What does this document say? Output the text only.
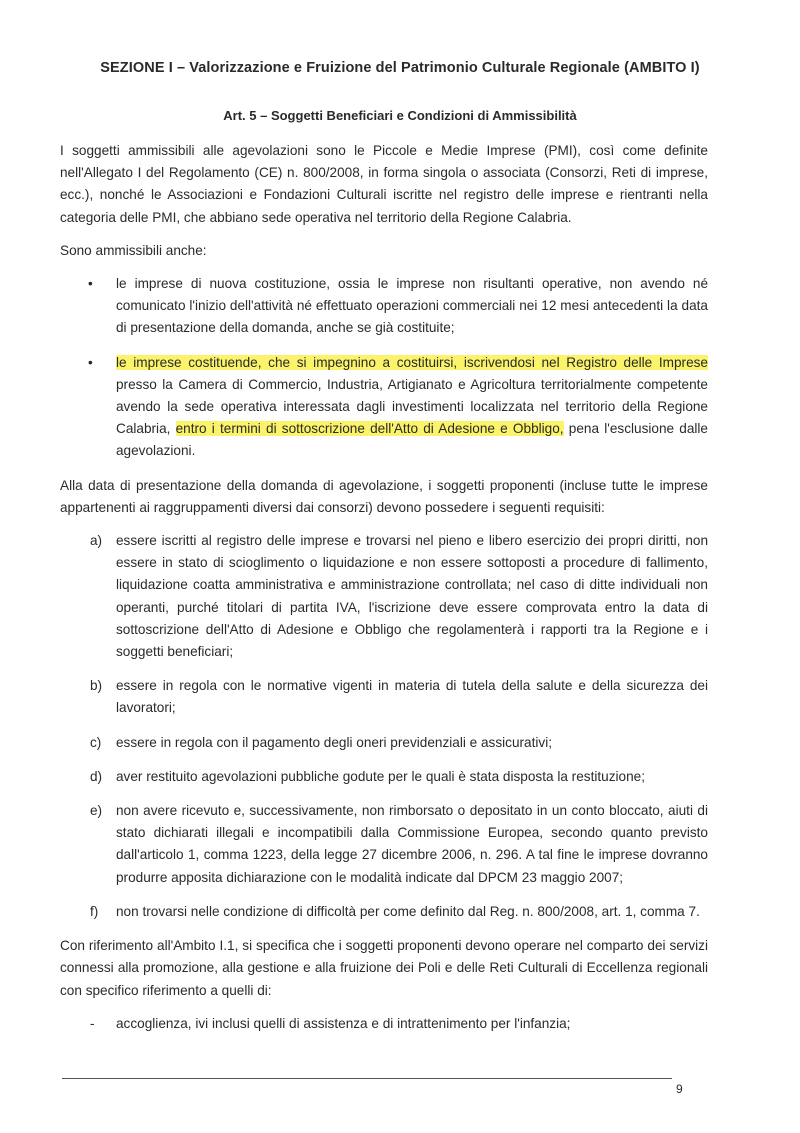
SEZIONE I – Valorizzazione e Fruizione del Patrimonio Culturale Regionale (AMBITO I)
Art. 5 – Soggetti Beneficiari e Condizioni di Ammissibilità

I soggetti ammissibili alle agevolazioni sono le Piccole e Medie Imprese (PMI), così come definite nell'Allegato I del Regolamento (CE) n. 800/2008, in forma singola o associata (Consorzi, Reti di imprese, ecc.), nonché le Associazioni e Fondazioni Culturali iscritte nel registro delle imprese e rientranti nella categoria delle PMI, che abbiano sede operativa nel territorio della Regione Calabria.

Sono ammissibili anche:

• le imprese di nuova costituzione, ossia le imprese non risultanti operative, non avendo né comunicato l'inizio dell'attività né effettuato operazioni commerciali nei 12 mesi antecedenti la data di presentazione della domanda, anche se già costituite;
• le imprese costituende, che si impegnino a costituirsi, iscrivendosi nel Registro delle Imprese presso la Camera di Commercio, Industria, Artigianato e Agricoltura territorialmente competente avendo la sede operativa interessata dagli investimenti localizzata nel territorio della Regione Calabria, entro i termini di sottoscrizione dell'Atto di Adesione e Obbligo, pena l'esclusione dalle agevolazioni.

Alla data di presentazione della domanda di agevolazione, i soggetti proponenti (incluse tutte le imprese appartenenti ai raggruppamenti diversi dai consorzi) devono possedere i seguenti requisiti:

a) essere iscritti al registro delle imprese e trovarsi nel pieno e libero esercizio dei propri diritti, non essere in stato di scioglimento o liquidazione e non essere sottoposti a procedure di fallimento, liquidazione coatta amministrativa e amministrazione controllata; nel caso di ditte individuali non operanti, purché titolari di partita IVA, l'iscrizione deve essere comprovata entro la data di sottoscrizione dell'Atto di Adesione e Obbligo che regolamenterà i rapporti tra la Regione e i soggetti beneficiari;
b) essere in regola con le normative vigenti in materia di tutela della salute e della sicurezza dei lavoratori;
c) essere in regola con il pagamento degli oneri previdenziali e assicurativi;
d) aver restituito agevolazioni pubbliche godute per le quali è stata disposta la restituzione;
e) non avere ricevuto e, successivamente, non rimborsato o depositato in un conto bloccato, aiuti di stato dichiarati illegali e incompatibili dalla Commissione Europea, secondo quanto previsto dall'articolo 1, comma 1223, della legge 27 dicembre 2006, n. 296. A tal fine le imprese dovranno produrre apposita dichiarazione con le modalità indicate dal DPCM 23 maggio 2007;
f) non trovarsi nelle condizione di difficoltà per come definito dal Reg. n. 800/2008, art. 1, comma 7.

Con riferimento all'Ambito I.1, si specifica che i soggetti proponenti devono operare nel comparto dei servizi connessi alla promozione, alla gestione e alla fruizione dei Poli e delle Reti Culturali di Eccellenza regionali con specifico riferimento a quelli di:

- accoglienza, ivi inclusi quelli di assistenza e di intrattenimento per l'infanzia;
9
